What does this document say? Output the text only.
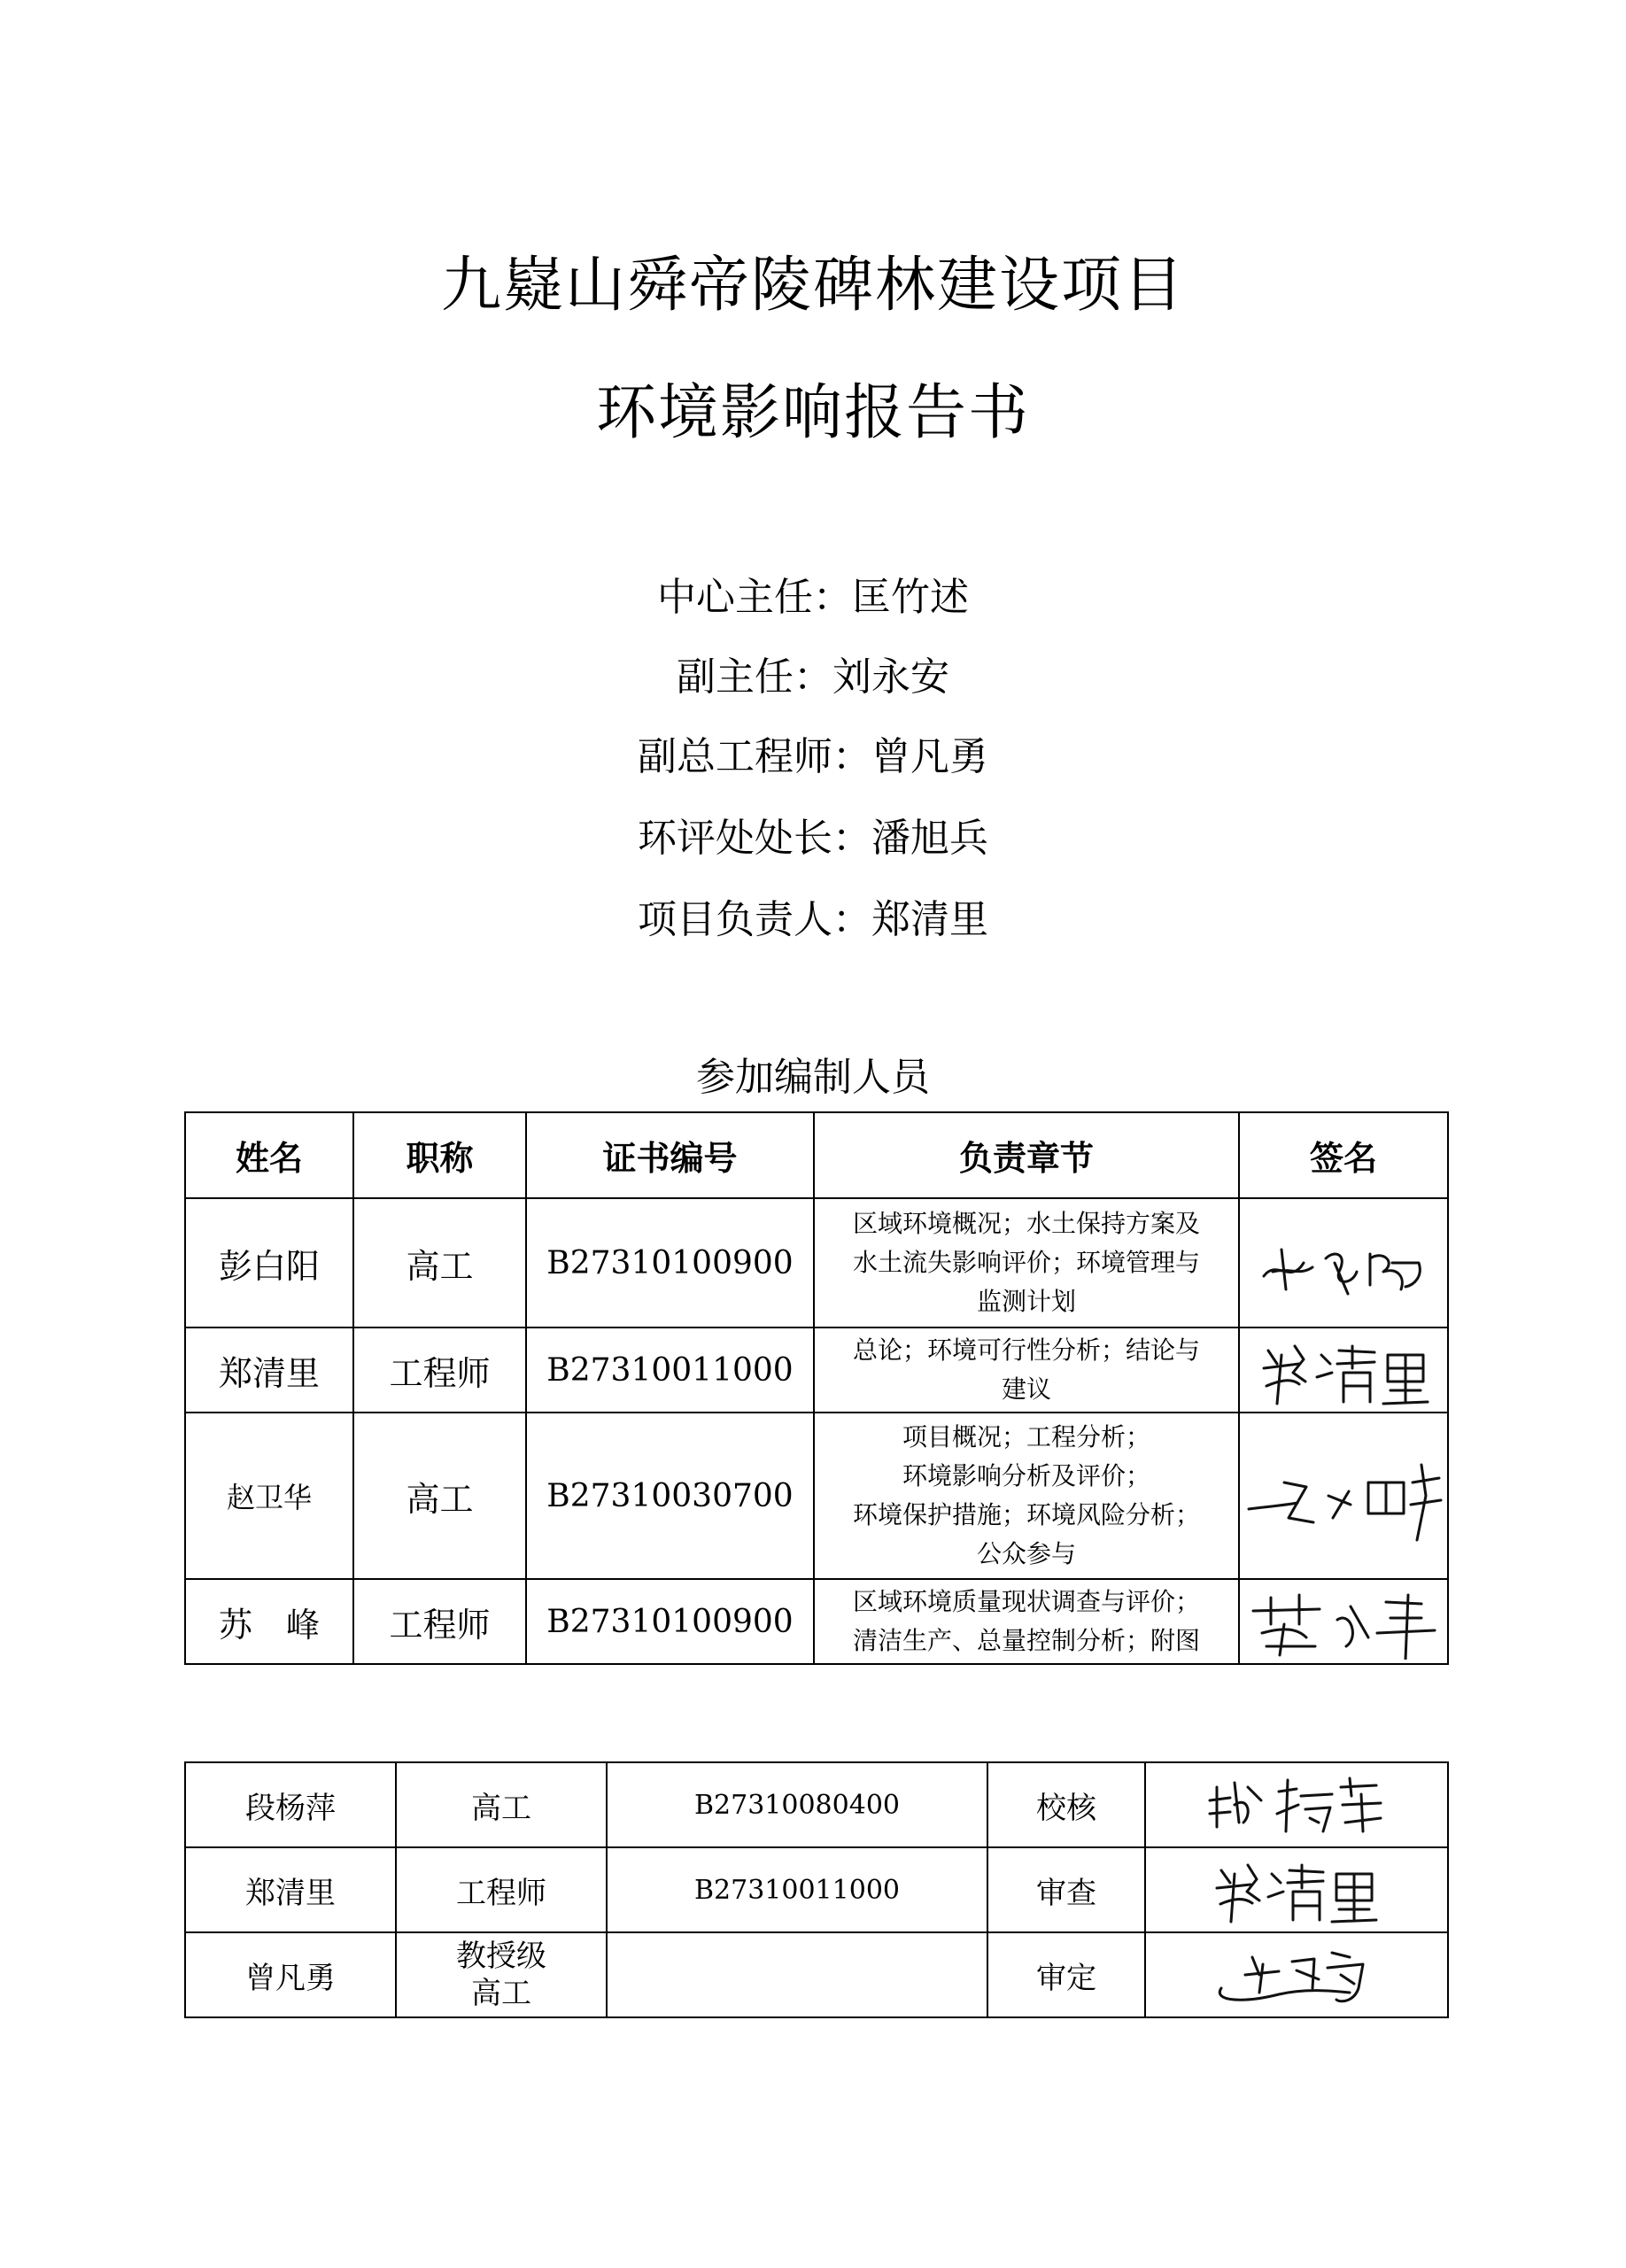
九嶷山舜帝陵碑林建设项目
环境影响报告书
中心主任：匡竹述
副主任：刘永安
副总工程师：曾凡勇
环评处处长：潘旭兵
项目负责人：郑清里
参加编制人员
姓名	职称	证书编号	负责章节	签名
彭白阳	高工	B27310100900	区域环境概况；水土保持方案及
水土流失影响评价；环境管理与
监测计划

郑清里	工程师	B27310011000	总论；环境可行性分析；结论与
建议

赵卫华	高工	B27310030700	项目概况；工程分析；
环境影响分析及评价；
环境保护措施；环境风险分析；
公众参与

苏　峰	工程师	B27310100900	区域环境质量现状调查与评价；
清洁生产、总量控制分析；附图

段杨萍	高工	B27310080400	校核	

郑清里	工程师	B27310011000	审查	

曾凡勇	教授级
高工		审定	
